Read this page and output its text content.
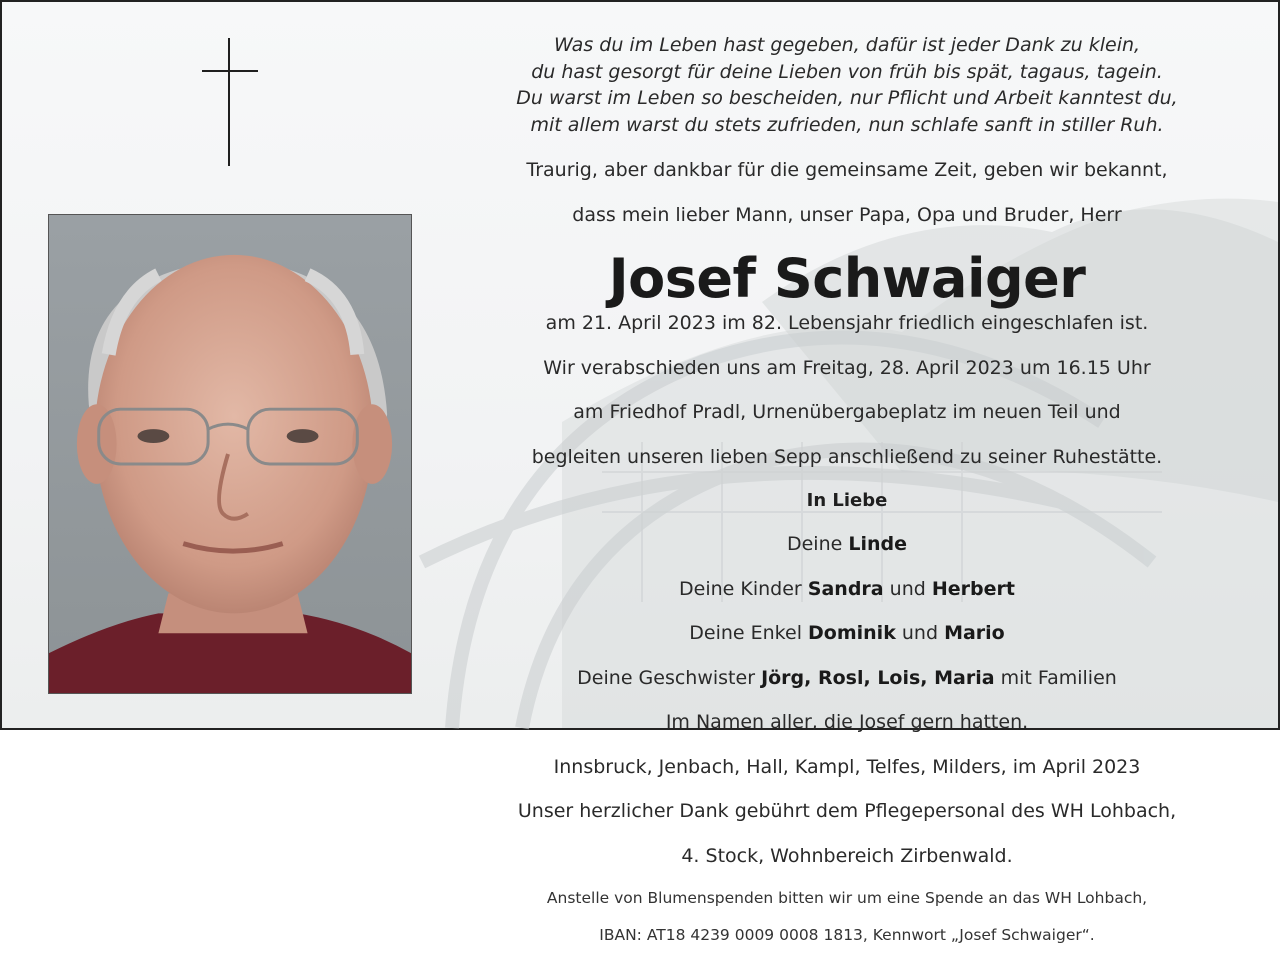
Was du im Leben hast gegeben, dafür ist jeder Dank zu klein,

du hast gesorgt für deine Lieben von früh bis spät, tagaus, tagein.

Du warst im Leben so bescheiden, nur Pflicht und Arbeit kanntest du,

mit allem warst du stets zufrieden, nun schlafe sanft in stiller Ruh.

Traurig, aber dankbar für die gemeinsame Zeit, geben wir bekannt,

dass mein lieber Mann, unser Papa, Opa und Bruder, Herr

Josef Schwaiger
am 21. April 2023 im 82. Lebensjahr friedlich eingeschlafen ist.

Wir verabschieden uns am Freitag, 28. April 2023 um 16.15 Uhr

am Friedhof Pradl, Urnenübergabeplatz im neuen Teil und

begleiten unseren lieben Sepp anschließend zu seiner Ruhestätte.

In Liebe

Deine Linde

Deine Kinder Sandra und Herbert

Deine Enkel Dominik und Mario

Deine Geschwister Jörg, Rosl, Lois, Maria mit Familien

Im Namen aller, die Josef gern hatten.

Innsbruck, Jenbach, Hall, Kampl, Telfes, Milders, im April 2023

Unser herzlicher Dank gebührt dem Pflegepersonal des WH Lohbach,

4. Stock, Wohnbereich Zirbenwald.

Anstelle von Blumenspenden bitten wir um eine Spende an das WH Lohbach,

IBAN: AT18 4239 0009 0008 1813, Kennwort „Josef Schwaiger“.
